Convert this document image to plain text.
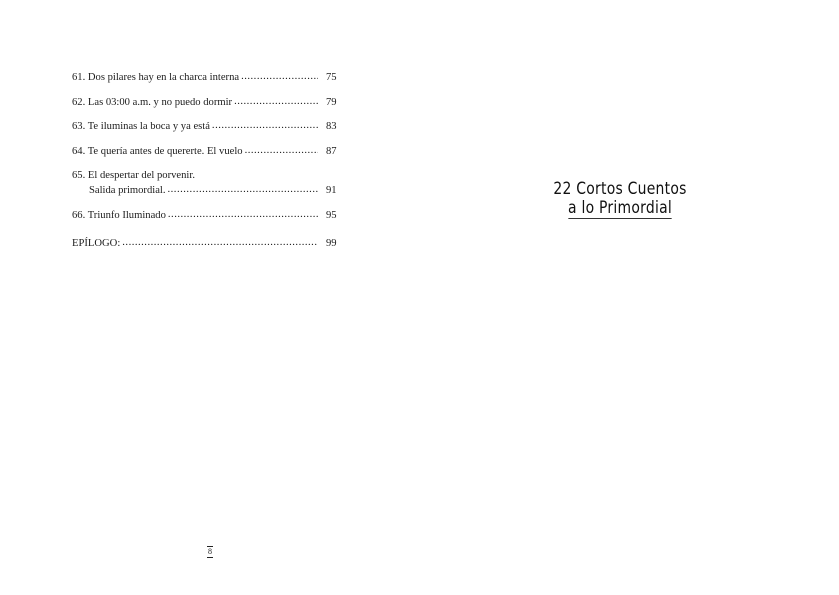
61. Dos pilares hay en la charca interna .....	75
62. Las 03:00 a.m. y no puedo dormir .....	79
63. Te iluminas la boca y ya está .....	83
64. Te quería antes de quererte. El vuelo .....	87
65. El despertar del porvenir.
Salida primordial. .....	91
66. Triunfo Iluminado .....	95
EPÍLOGO: .....	99
8
22 Cortos Cuentos
a lo Primordial
